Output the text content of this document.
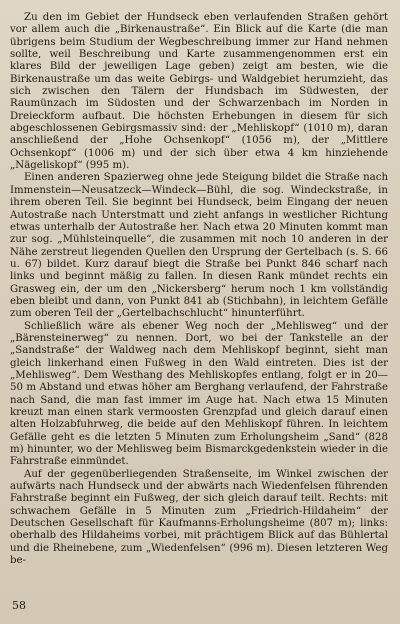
Zu den im Gebiet der Hundseck eben verlaufenden Straßen gehört vor allem auch die „Birkenaustraße“. Ein Blick auf die Karte (die man übrigens beim Studium der Wegbeschreibung immer zur Hand nehmen sollte, weil Beschreibung und Karte zusammengenommen erst ein klares Bild der jeweiligen Lage geben) zeigt am besten, wie die Birkenaustraße um das weite Gebirgs- und Waldgebiet herumzieht, das sich zwischen den Tälern der Hundsbach im Südwesten, der Raumünzach im Südosten und der Schwarzenbach im Norden in Dreieckform aufbaut. Die höchsten Erhebungen in diesem für sich abgeschlossenen Gebirgsmassiv sind: der „Mehliskopf“ (1010 m), daran anschließend der „Hohe Ochsenkopf“ (1056 m), der „Mittlere Ochsenkopf“ (1006 m) und der sich über etwa 4 km hinziehende „Nägeliskopf“ (995 m).

Einen anderen Spazierweg ohne jede Steigung bildet die Straße nach Immenstein—Neusatzeck—Windeck—Bühl, die sog. Windeckstraße, in ihrem oberen Teil. Sie beginnt bei Hundseck, beim Eingang der neuen Autostraße nach Unterstmatt und zieht anfangs in westlicher Richtung etwas unterhalb der Autostraße her. Nach etwa 20 Minuten kommt man zur sog. „Mühlsteinquelle“, die zusammen mit noch 10 anderen in der Nähe zerstreut liegenden Quellen den Ursprung der Gertelbach (s. S. 66 u. 67) bildet. Kurz darauf biegt die Straße bei Punkt 846 scharf nach links und beginnt mäßig zu fallen. In diesen Rank mündet rechts ein Grasweg ein, der um den „Nickersberg“ herum noch 1 km vollständig eben bleibt und dann, von Punkt 841 ab (Stichbahn), in leichtem Gefälle zum oberen Teil der „Gertelbachschlucht“ hinunterführt.

Schließlich wäre als ebener Weg noch der „Mehlisweg“ und der „Bärensteinerweg“ zu nennen. Dort, wo bei der Tankstelle an der „Sandstraße“ der Waldweg nach dem Mehliskopf beginnt, sieht man gleich linkerhand einen Fußweg in den Wald eintreten. Dies ist der „Mehlisweg“. Dem Westhang des Mehliskopfes entlang, folgt er in 20—50 m Abstand und etwas höher am Berghang verlaufend, der Fahrstraße nach Sand, die man fast immer im Auge hat. Nach etwa 15 Minuten kreuzt man einen stark vermoosten Grenzpfad und gleich darauf einen alten Holzabfuhrweg, die beide auf den Mehliskopf führen. In leichtem Gefälle geht es die letzten 5 Minuten zum Erholungsheim „Sand“ (828 m) hinunter, wo der Mehlisweg beim Bismarckgedenkstein wieder in die Fahrstraße einmündet.

Auf der gegenüberliegenden Straßenseite, im Winkel zwischen der aufwärts nach Hundseck und der abwärts nach Wiedenfelsen führenden Fahrstraße beginnt ein Fußweg, der sich gleich darauf teilt. Rechts: mit schwachem Gefälle in 5 Minuten zum „Friedrich-Hildaheim“ der Deutschen Gesellschaft für Kaufmanns-Erholungsheime (807 m); links: oberhalb des Hildaheims vorbei, mit prächtigem Blick auf das Bühlertal und die Rheinebene, zum „Wiedenfelsen“ (996 m). Diesen letzteren Weg be-

58
